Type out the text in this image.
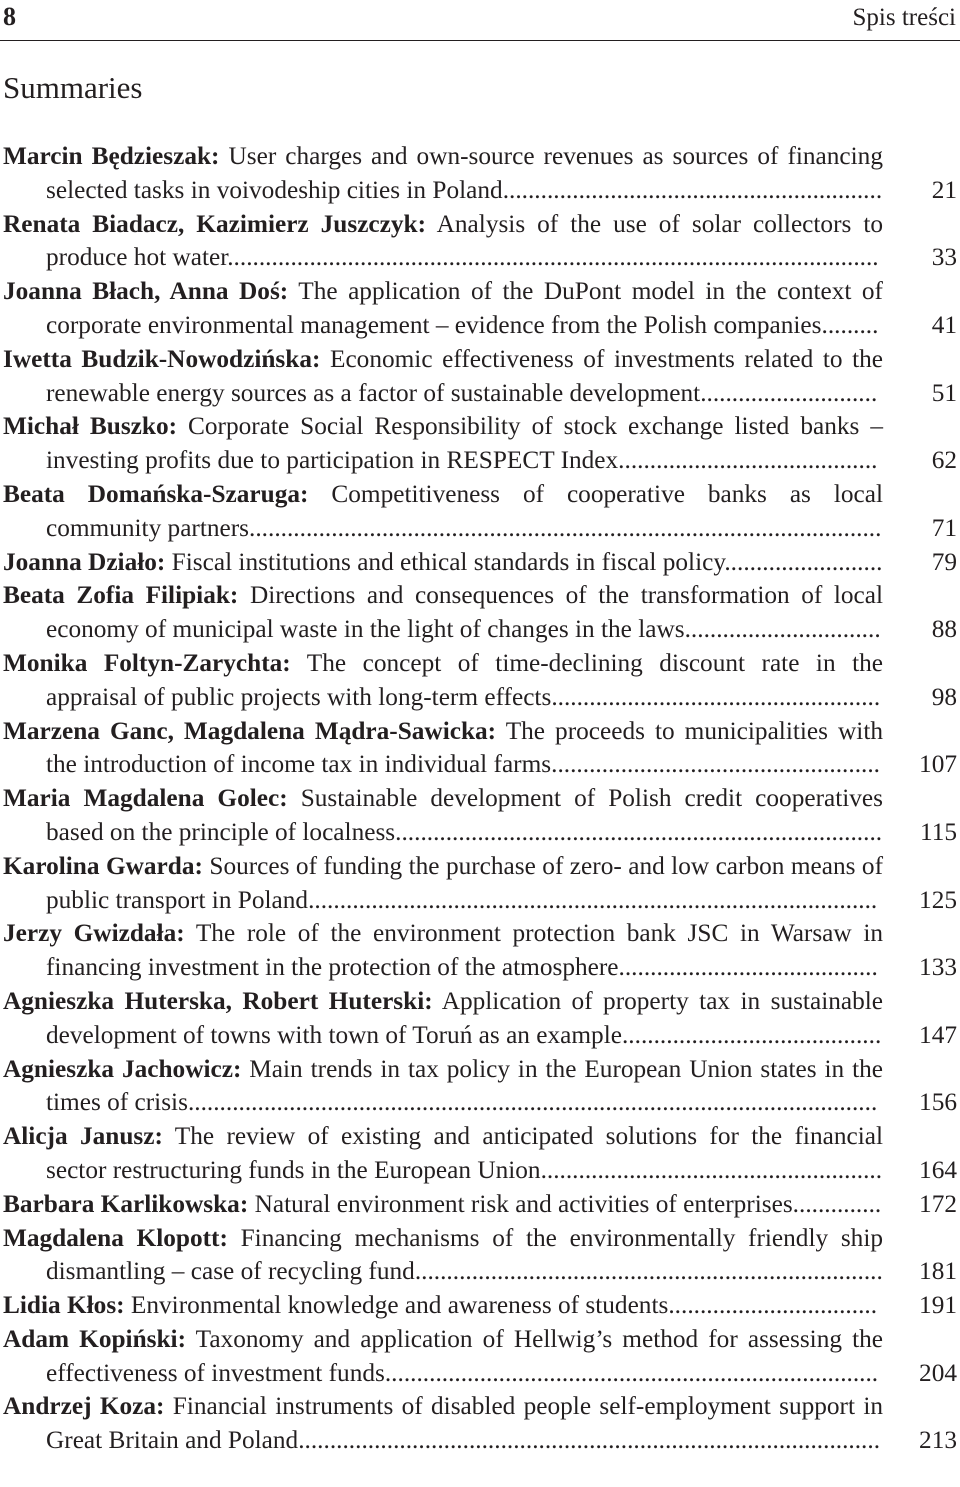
8	Spis treści
Summaries
Marcin Będzieszak: User charges and own-source revenues as sources of financing selected tasks in voivodeship cities in Poland............................................................	21
Renata Biadacz, Kazimierz Juszczyk: Analysis of the use of solar collectors to produce hot water.......................................................................................................	33
Joanna Błach, Anna Doś: The application of the DuPont model in the context of corporate environmental management – evidence from the Polish companies.........	41
Iwetta Budzik-Nowodzińska: Economic effectiveness of investments related to the renewable energy sources as a factor of sustainable development............................	51
Michał Buszko: Corporate Social Responsibility of stock exchange listed banks – investing profits due to participation in RESPECT Index.........................................	62
Beata Domańska-Szaruga: Competitiveness of cooperative banks as local community partners....................................................................................................	71
Joanna Działo: Fiscal institutions and ethical standards in fiscal policy.........................	79
Beata Zofia Filipiak: Directions and consequences of the transformation of local economy of municipal waste in the light of changes in the laws...............................	88
Monika Foltyn-Zarychta: The concept of time-declining discount rate in the appraisal of public projects with long-term effects....................................................	98
Marzena Ganc, Magdalena Mądra-Sawicka: The proceeds to municipalities with the introduction of income tax in individual farms....................................................	107
Maria Magdalena Golec: Sustainable development of Polish credit cooperatives based on the principle of localness.............................................................................	115
Karolina Gwarda: Sources of funding the purchase of zero- and low carbon means of public transport in Poland..........................................................................................	125
Jerzy Gwizdała: The role of the environment protection bank JSC in Warsaw in financing investment in the protection of the atmosphere.........................................	133
Agnieszka Huterska, Robert Huterski: Application of property tax in sustainable development of towns with town of Toruń as an example.........................................	147
Agnieszka Jachowicz: Main trends in tax policy in the European Union states in the times of crisis.............................................................................................................	156
Alicja Janusz: The review of existing and anticipated solutions for the financial sector restructuring funds in the European Union......................................................	164
Barbara Karlikowska: Natural environment risk and activities of enterprises..............	172
Magdalena Klopott: Financing mechanisms of the environmentally friendly ship dismantling – case of recycling fund..........................................................................	181
Lidia Kłos: Environmental knowledge and awareness of students.................................	191
Adam Kopiński: Taxonomy and application of Hellwig’s method for assessing the effectiveness of investment funds..............................................................................	204
Andrzej Koza: Financial instruments of disabled people self-employment support in Great Britain and Poland............................................................................................	213
